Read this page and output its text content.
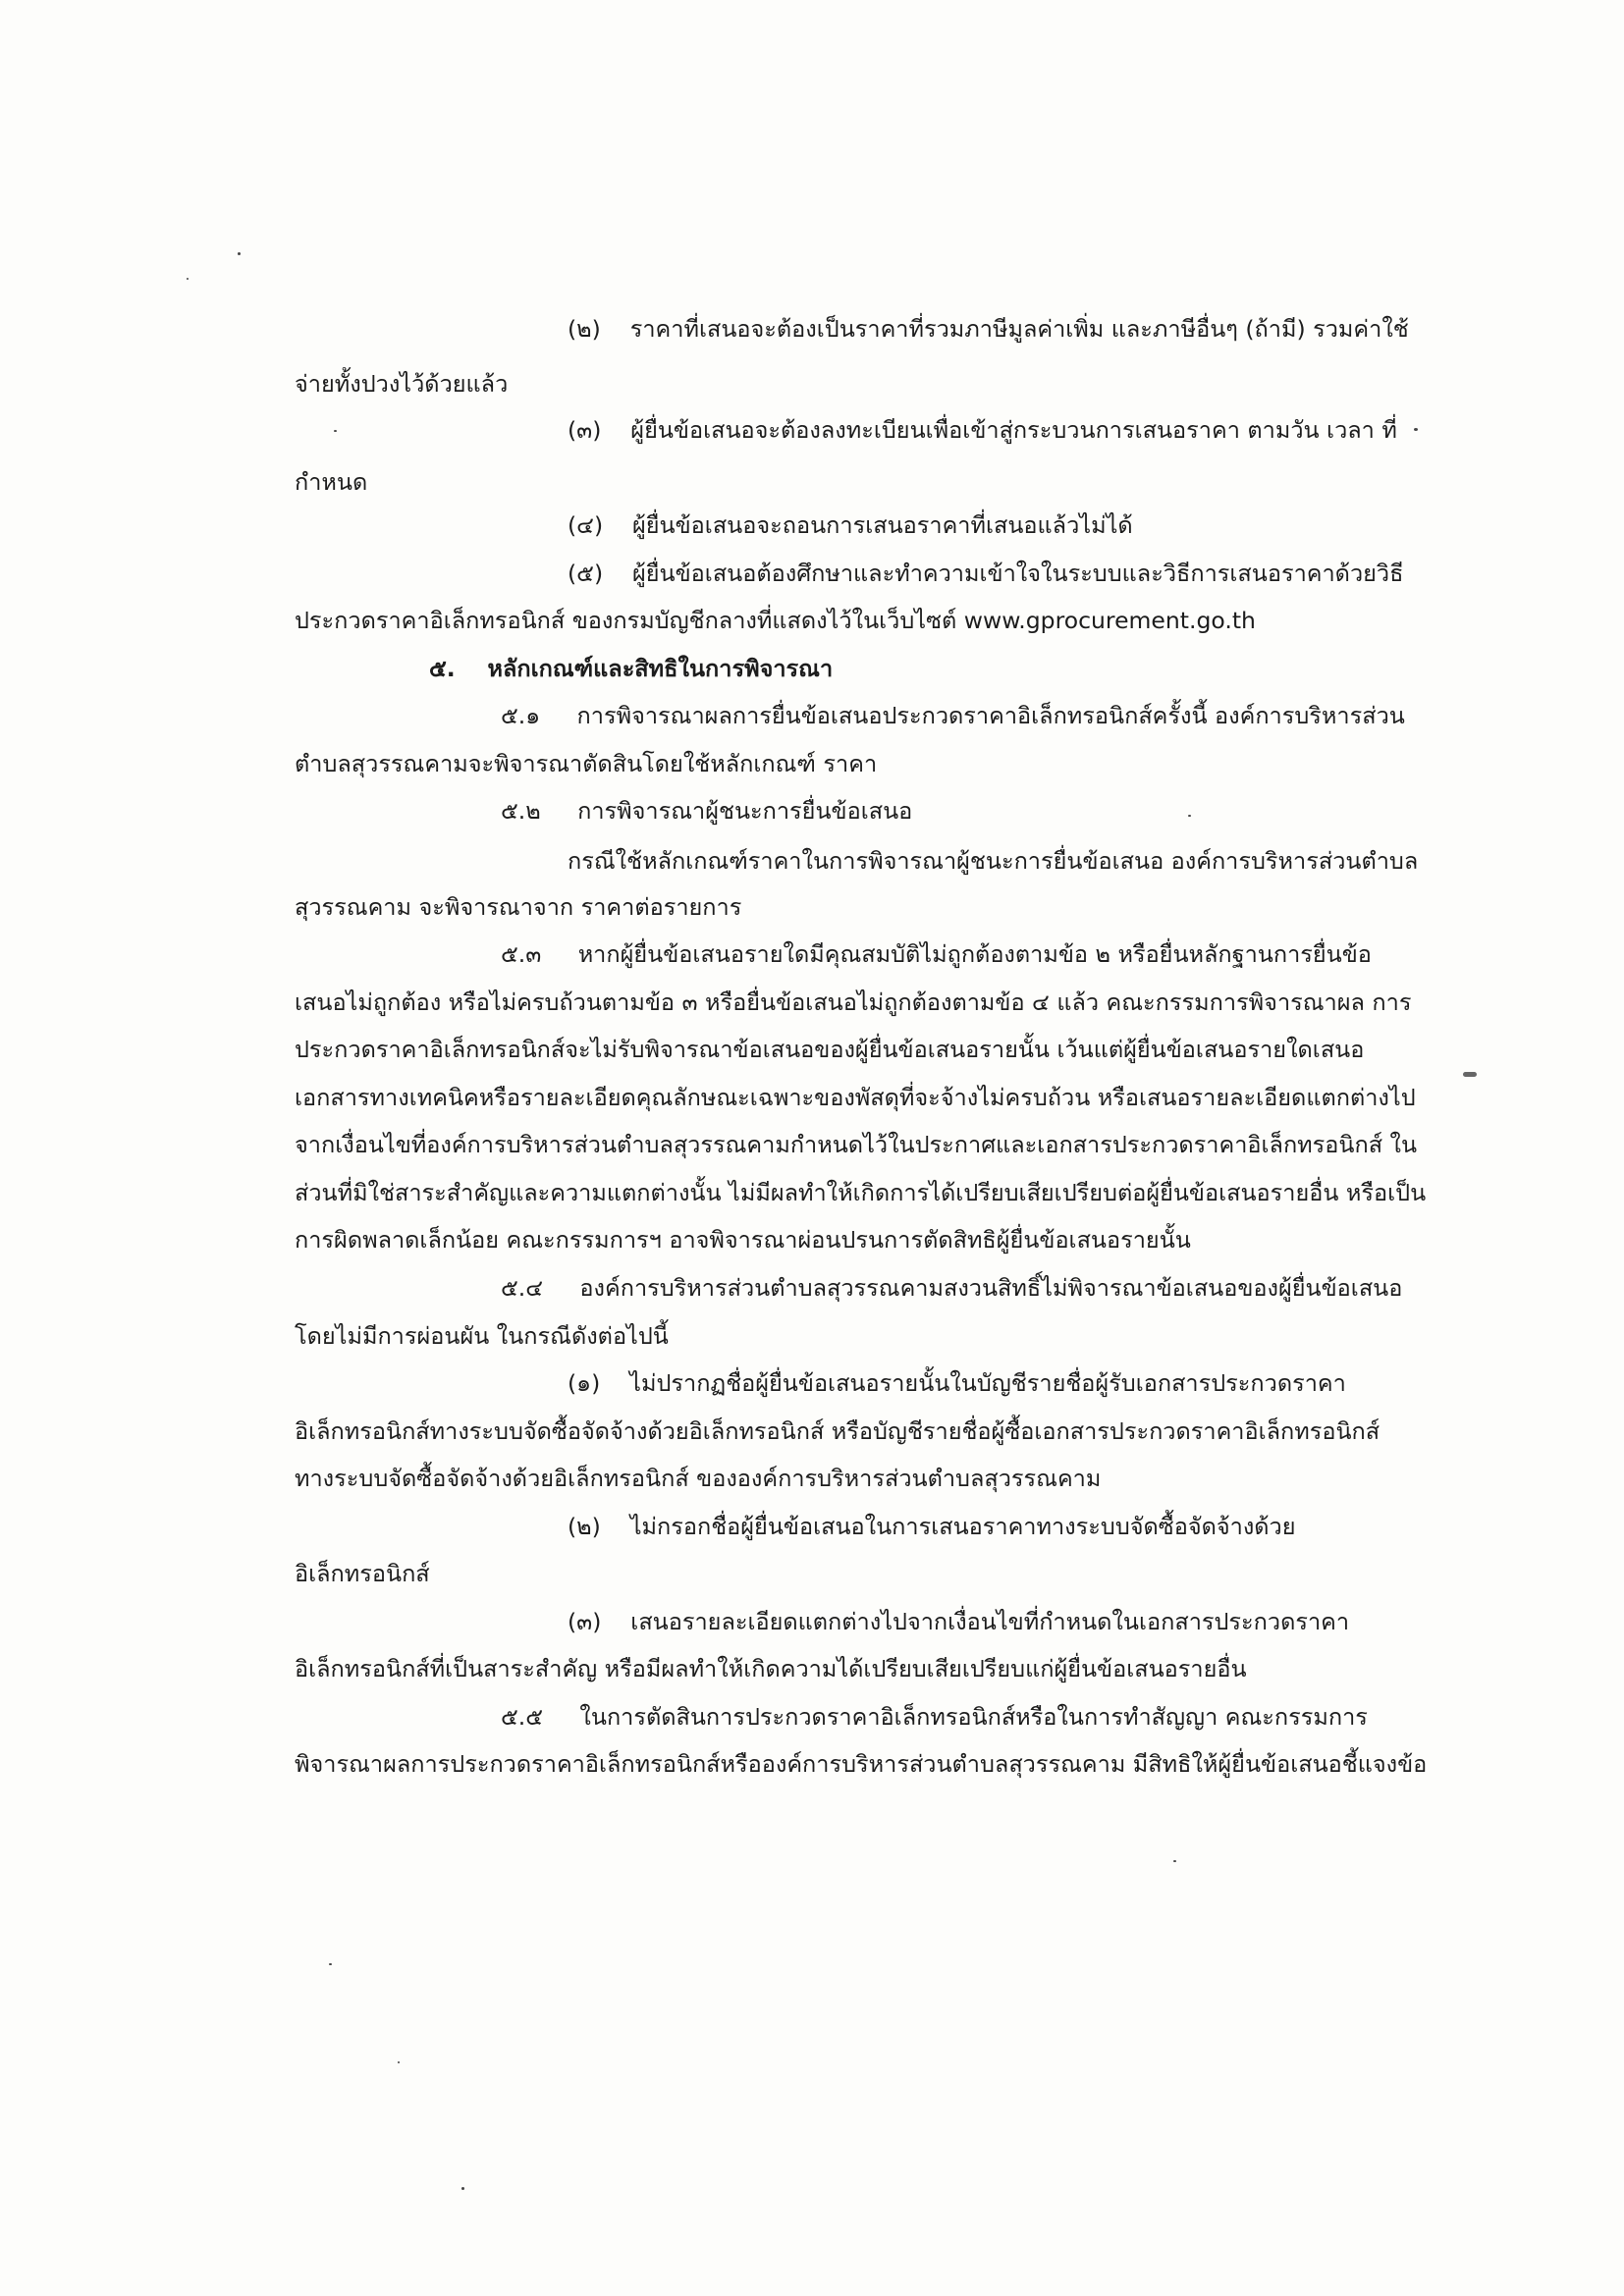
(๒) ราคาที่เสนอจะต้องเป็นราคาที่รวมภาษีมูลค่าเพิ่ม และภาษีอื่นๆ (ถ้ามี) รวมค่าใช้
จ่ายทั้งปวงไว้ด้วยแล้ว
(๓) ผู้ยื่นข้อเสนอจะต้องลงทะเบียนเพื่อเข้าสู่กระบวนการเสนอราคา ตามวัน เวลา ที่
กำหนด
(๔) ผู้ยื่นข้อเสนอจะถอนการเสนอราคาที่เสนอแล้วไม่ได้
(๕) ผู้ยื่นข้อเสนอต้องศึกษาและทำความเข้าใจในระบบและวิธีการเสนอราคาด้วยวิธี
ประกวดราคาอิเล็กทรอนิกส์ ของกรมบัญชีกลางที่แสดงไว้ในเว็บไซต์ www.gprocurement.go.th
๕. หลักเกณฑ์และสิทธิในการพิจารณา
๕.๑ การพิจารณาผลการยื่นข้อเสนอประกวดราคาอิเล็กทรอนิกส์ครั้งนี้ องค์การบริหารส่วน
ตำบลสุวรรณคามจะพิจารณาตัดสินโดยใช้หลักเกณฑ์ ราคา
๕.๒ การพิจารณาผู้ชนะการยื่นข้อเสนอ
กรณีใช้หลักเกณฑ์ราคาในการพิจารณาผู้ชนะการยื่นข้อเสนอ องค์การบริหารส่วนตำบล
สุวรรณคาม จะพิจารณาจาก ราคาต่อรายการ
๕.๓ หากผู้ยื่นข้อเสนอรายใดมีคุณสมบัติไม่ถูกต้องตามข้อ ๒ หรือยื่นหลักฐานการยื่นข้อ
เสนอไม่ถูกต้อง หรือไม่ครบถ้วนตามข้อ ๓ หรือยื่นข้อเสนอไม่ถูกต้องตามข้อ ๔ แล้ว คณะกรรมการพิจารณาผล การ
ประกวดราคาอิเล็กทรอนิกส์จะไม่รับพิจารณาข้อเสนอของผู้ยื่นข้อเสนอรายนั้น เว้นแต่ผู้ยื่นข้อเสนอรายใดเสนอ
เอกสารทางเทคนิคหรือรายละเอียดคุณลักษณะเฉพาะของพัสดุที่จะจ้างไม่ครบถ้วน หรือเสนอรายละเอียดแตกต่างไป
จากเงื่อนไขที่องค์การบริหารส่วนตำบลสุวรรณคามกำหนดไว้ในประกาศและเอกสารประกวดราคาอิเล็กทรอนิกส์ ใน
ส่วนที่มิใช่สาระสำคัญและความแตกต่างนั้น ไม่มีผลทำให้เกิดการได้เปรียบเสียเปรียบต่อผู้ยื่นข้อเสนอรายอื่น หรือเป็น
การผิดพลาดเล็กน้อย คณะกรรมการฯ อาจพิจารณาผ่อนปรนการตัดสิทธิผู้ยื่นข้อเสนอรายนั้น
๕.๔ องค์การบริหารส่วนตำบลสุวรรณคามสงวนสิทธิ์ไม่พิจารณาข้อเสนอของผู้ยื่นข้อเสนอ
โดยไม่มีการผ่อนผัน ในกรณีดังต่อไปนี้
(๑) ไม่ปรากฏชื่อผู้ยื่นข้อเสนอรายนั้นในบัญชีรายชื่อผู้รับเอกสารประกวดราคา
อิเล็กทรอนิกส์ทางระบบจัดซื้อจัดจ้างด้วยอิเล็กทรอนิกส์ หรือบัญชีรายชื่อผู้ซื้อเอกสารประกวดราคาอิเล็กทรอนิกส์
ทางระบบจัดซื้อจัดจ้างด้วยอิเล็กทรอนิกส์ ขององค์การบริหารส่วนตำบลสุวรรณคาม
(๒) ไม่กรอกชื่อผู้ยื่นข้อเสนอในการเสนอราคาทางระบบจัดซื้อจัดจ้างด้วย
อิเล็กทรอนิกส์
(๓) เสนอรายละเอียดแตกต่างไปจากเงื่อนไขที่กำหนดในเอกสารประกวดราคา
อิเล็กทรอนิกส์ที่เป็นสาระสำคัญ หรือมีผลทำให้เกิดความได้เปรียบเสียเปรียบแก่ผู้ยื่นข้อเสนอรายอื่น
๕.๕ ในการตัดสินการประกวดราคาอิเล็กทรอนิกส์หรือในการทำสัญญา คณะกรรมการ
พิจารณาผลการประกวดราคาอิเล็กทรอนิกส์หรือองค์การบริหารส่วนตำบลสุวรรณคาม มีสิทธิให้ผู้ยื่นข้อเสนอชี้แจงข้อ
